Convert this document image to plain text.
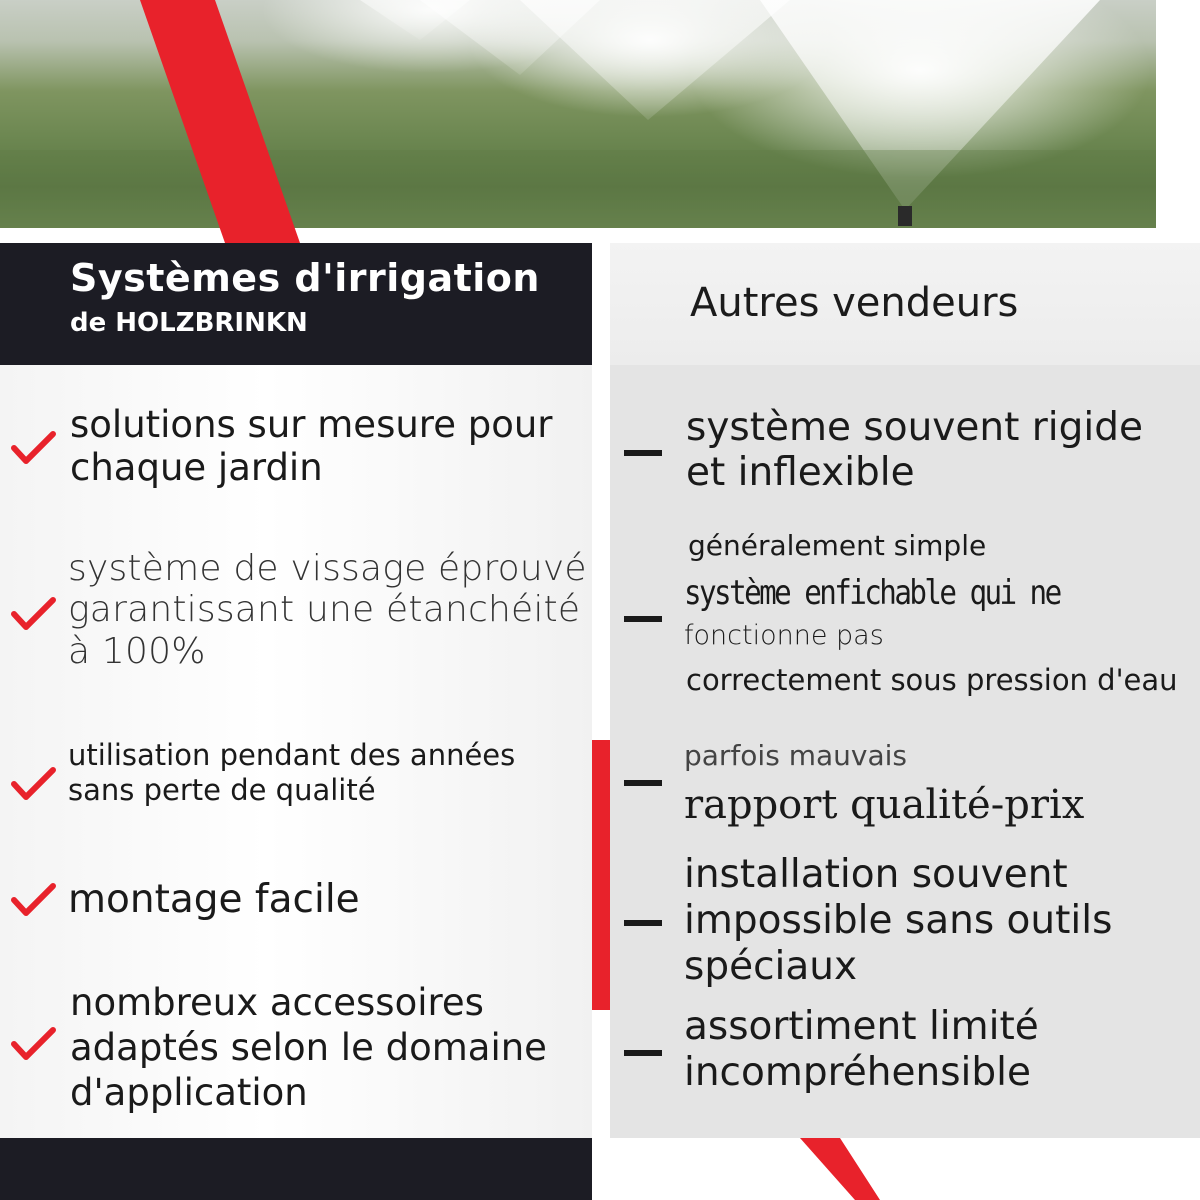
Systèmes d'irrigation
de HOLZBRINKN	Autres vendeurs
solutions sur mesure pour
chaque jardin
système de vissage éprouvé
garantissant une étanchéité
à 100%
utilisation pendant des années
sans perte de qualité
montage facile
nombreux accessoires
adaptés selon le domaine
d'application
système souvent rigide
et inflexible
généralement simple
système enfichable qui ne
fonctionne pas
correctement sous pression d'eau
parfois mauvais
rapport qualité-prix
installation souvent
impossible sans outils
spéciaux
assortiment limité
incompréhensible
